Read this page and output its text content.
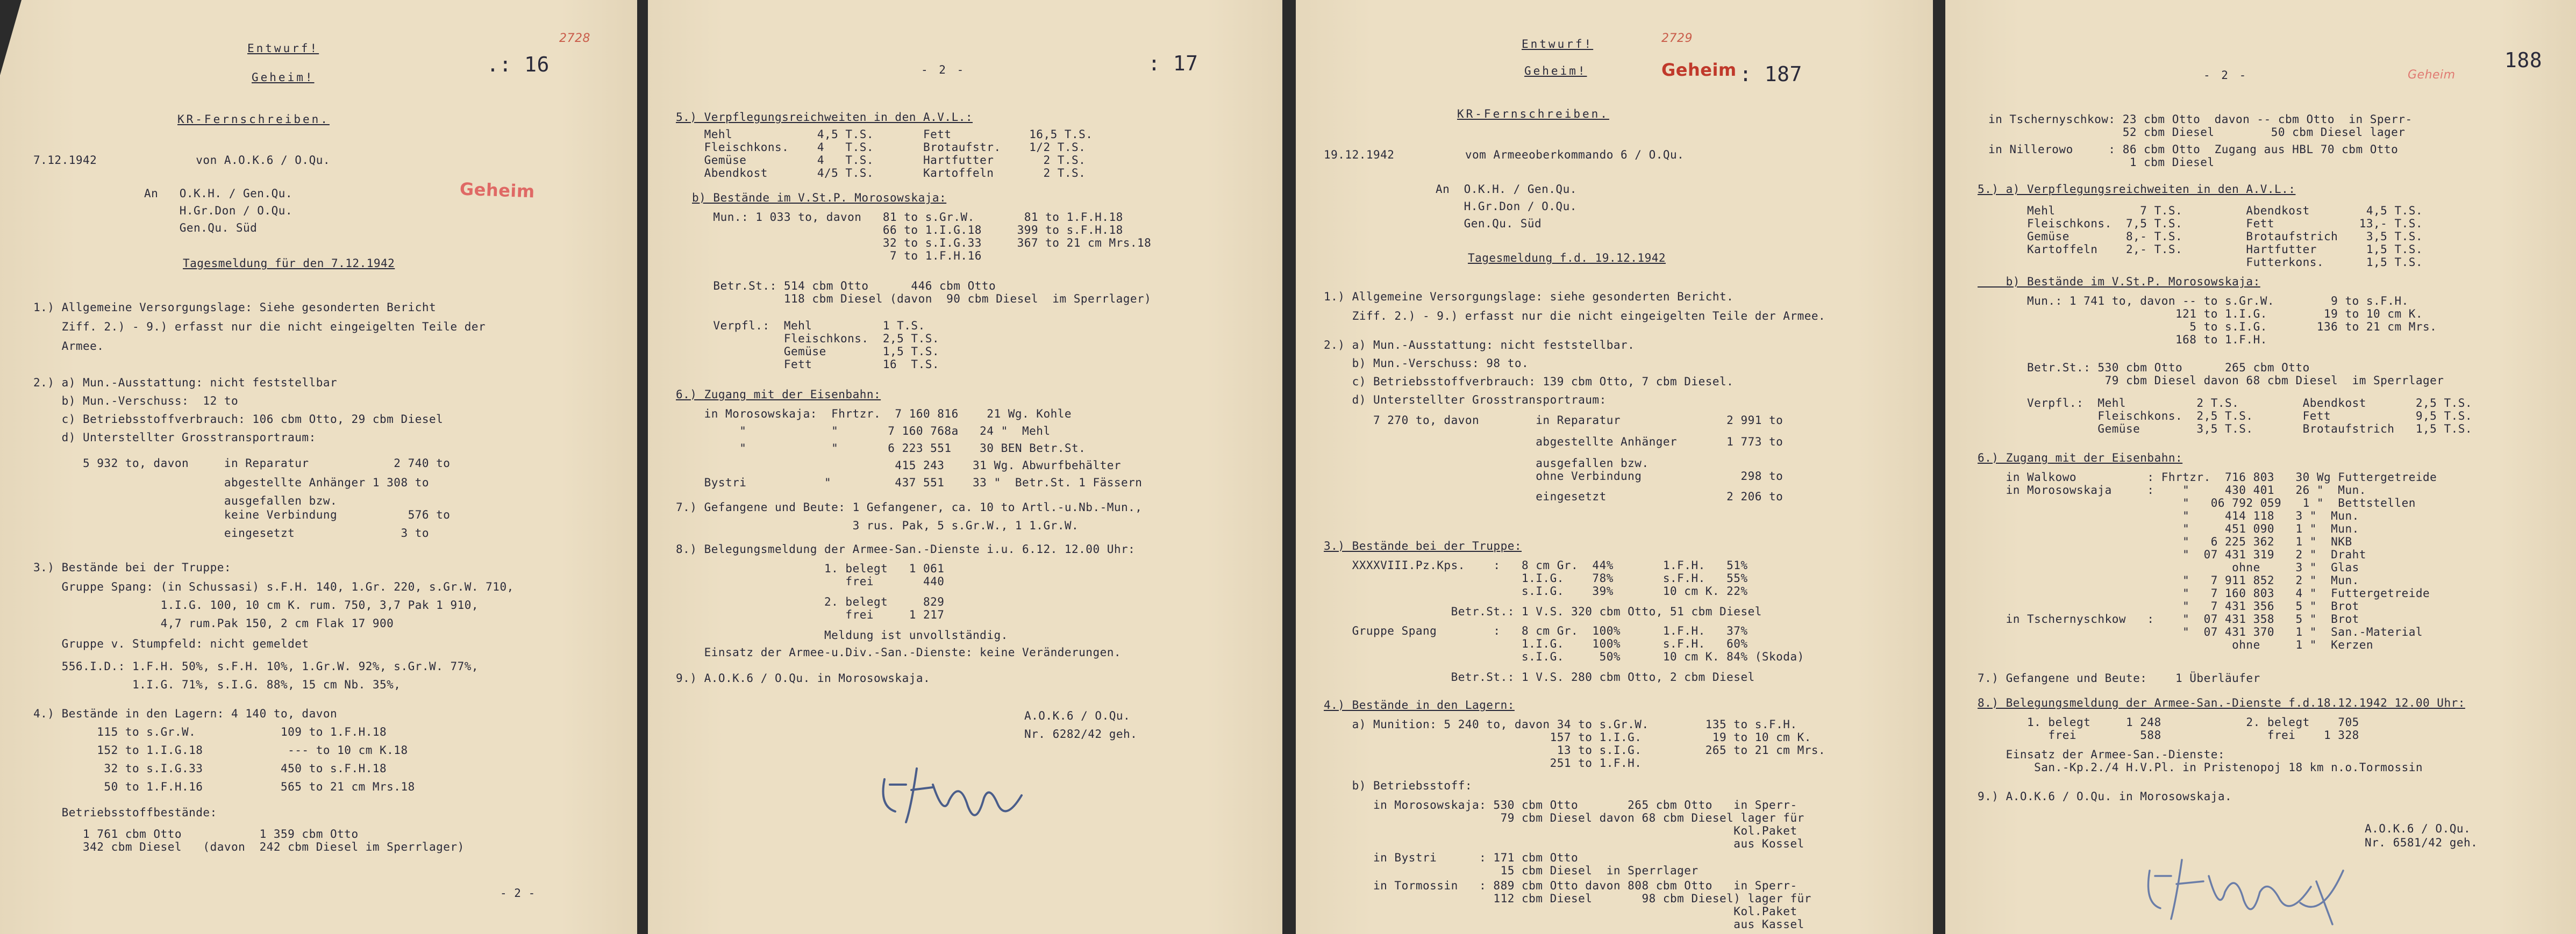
Entwurf!
Geheim!
2728
.: 16
KR-Fernschreiben.
7.12.1942              von A.O.K.6 / O.Qu.
An   O.K.H. / Gen.Qu.	Geheim
H.Gr.Don / O.Qu.
Gen.Qu. Süd
Tagesmeldung für den 7.12.1942
1.) Allgemeine Versorgungslage: Siehe gesonderten Bericht
Ziff. 2.) - 9.) erfasst nur die nicht eingeigelten Teile der
Armee.
2.) a) Mun.-Ausstattung: nicht feststellbar
b) Mun.-Verschuss:  12 to
c) Betriebsstoffverbrauch: 106 cbm Otto, 29 cbm Diesel
d) Unterstellter Grosstransportraum:
5 932 to, davon     in Reparatur            2 740 to
abgestellte Anhänger 1 308 to
ausgefallen bzw.
keine Verbindung          576 to
eingesetzt               3 to
3.) Bestände bei der Truppe:
Gruppe Spang: (in Schussasi) s.F.H. 140, 1.Gr. 220, s.Gr.W. 710,
1.I.G. 100, 10 cm K. rum. 750, 3,7 Pak 1 910,
4,7 rum.Pak 150, 2 cm Flak 17 900
Gruppe v. Stumpfeld: nicht gemeldet
556.I.D.: 1.F.H. 50%, s.F.H. 10%, 1.Gr.W. 92%, s.Gr.W. 77%,
1.I.G. 71%, s.I.G. 88%, 15 cm Nb. 35%,
4.) Bestände in den Lagern: 4 140 to, davon
115 to s.Gr.W.            109 to 1.F.H.18
152 to 1.I.G.18            --- to 10 cm K.18
32 to s.I.G.33           450 to s.F.H.18
50 to 1.F.H.16           565 to 21 cm Mrs.18
Betriebsstoffbestände:
1 761 cbm Otto           1 359 cbm Otto
342 cbm Diesel   (davon  242 cbm Diesel im Sperrlager)
- 2 -
- 2 -	: 17
5.) Verpflegungsreichweiten in den A.V.L.:
Mehl            4,5 T.S.       Fett           16,5 T.S.
Fleischkons.    4   T.S.       Brotaufstr.    1/2 T.S.
Gemüse          4   T.S.       Hartfutter       2 T.S.
Abendkost       4/5 T.S.       Kartoffeln       2 T.S.
b) Bestände im V.St.P. Morosowskaja:
Mun.: 1 033 to, davon   81 to s.Gr.W.       81 to 1.F.H.18
66 to 1.I.G.18     399 to s.F.H.18
32 to s.I.G.33     367 to 21 cm Mrs.18
7 to 1.F.H.16
Betr.St.: 514 cbm Otto      446 cbm Otto
118 cbm Diesel (davon  90 cbm Diesel  im Sperrlager)
Verpfl.:  Mehl          1 T.S.
Fleischkons.  2,5 T.S.
Gemüse        1,5 T.S.
Fett          16  T.S.
6.) Zugang mit der Eisenbahn:
in Morosowskaja:  Fhrtzr.  7 160 816    21 Wg. Kohle
"            "       7 160 768a   24 "  Mehl
"            "       6 223 551    30 BEN Betr.St.
415 243    31 Wg. Abwurfbehälter
Bystri           "         437 551    33 "  Betr.St. 1 Fässern
7.) Gefangene und Beute: 1 Gefangener, ca. 10 to Artl.-u.Nb.-Mun.,
3 rus. Pak, 5 s.Gr.W., 1 1.Gr.W.
8.) Belegungsmeldung der Armee-San.-Dienste i.u. 6.12. 12.00 Uhr:
1. belegt   1 061
frei       440
2. belegt     829
frei     1 217
Meldung ist unvollständig.
Einsatz der Armee-u.Div.-San.-Dienste: keine Veränderungen.
9.) A.O.K.6 / O.Qu. in Morosowskaja.
A.O.K.6 / O.Qu.
Nr. 6282/42 geh.
Entwurf!
Geheim!
2729
Geheim : 187
KR-Fernschreiben.
19.12.1942          vom Armeeoberkommando 6 / O.Qu.
An  O.K.H. / Gen.Qu.
H.Gr.Don / O.Qu.
Gen.Qu. Süd
Tagesmeldung f.d. 19.12.1942
1.) Allgemeine Versorgungslage: siehe gesonderten Bericht.
Ziff. 2.) - 9.) erfasst nur die nicht eingeigelten Teile der Armee.
2.) a) Mun.-Ausstattung: nicht feststellbar.
b) Mun.-Verschuss: 98 to.
c) Betriebsstoffverbrauch: 139 cbm Otto, 7 cbm Diesel.
d) Unterstellter Grosstransportraum:
7 270 to, davon        in Reparatur               2 991 to
abgestellte Anhänger       1 773 to
ausgefallen bzw.
ohne Verbindung              298 to
eingesetzt                 2 206 to
3.) Bestände bei der Truppe:
XXXXVIII.Pz.Kps.    :   8 cm Gr.  44%       1.F.H.   51%
1.I.G.    78%       s.F.H.   55%
s.I.G.    39%       10 cm K. 22%
Betr.St.: 1 V.S. 320 cbm Otto, 51 cbm Diesel
Gruppe Spang        :   8 cm Gr.  100%      1.F.H.   37%
1.I.G.    100%      s.F.H.   60%
s.I.G.     50%      10 cm K. 84% (Skoda)
Betr.St.: 1 V.S. 280 cbm Otto, 2 cbm Diesel
4.) Bestände in den Lagern:
a) Munition: 5 240 to, davon 34 to s.Gr.W.        135 to s.F.H.
157 to 1.I.G.          19 to 10 cm K.
13 to s.I.G.         265 to 21 cm Mrs.
251 to 1.F.H.
b) Betriebsstoff:
in Morosowskaja: 530 cbm Otto       265 cbm Otto   in Sperr-
79 cbm Diesel davon 68 cbm Diesel lager für
Kol.Paket
aus Kossel
in Bystri      : 171 cbm Otto
15 cbm Diesel  in Sperrlager
in Tormossin   : 889 cbm Otto davon 808 cbm Otto   in Sperr-
112 cbm Diesel       98 cbm Diesel) lager für
Kol.Paket
aus Kassel
- 2 -	Geheim
188
in Tschernyschkow: 23 cbm Otto  davon -- cbm Otto  in Sperr-
52 cbm Diesel        50 cbm Diesel lager
in Nillerowo     : 86 cbm Otto  Zugang aus HBL 70 cbm Otto
1 cbm Diesel
5.) a) Verpflegungsreichweiten in den A.V.L.:
Mehl            7 T.S.         Abendkost        4,5 T.S.
Fleischkons.  7,5 T.S.         Fett            13,- T.S.
Gemüse        8,- T.S.         Brotaufstrich    3,5 T.S.
Kartoffeln    2,- T.S.         Hartfutter       1,5 T.S.
Futterkons.      1,5 T.S.
b) Bestände im V.St.P. Morosowskaja:
Mun.: 1 741 to, davon -- to s.Gr.W.        9 to s.F.H.
121 to 1.I.G.        19 to 10 cm K.
5 to s.I.G.       136 to 21 cm Mrs.
168 to 1.F.H.
Betr.St.: 530 cbm Otto      265 cbm Otto
79 cbm Diesel davon 68 cbm Diesel  im Sperrlager
Verpfl.:  Mehl          2 T.S.         Abendkost       2,5 T.S.
Fleischkons.  2,5 T.S.       Fett            9,5 T.S.
Gemüse        3,5 T.S.       Brotaufstrich   1,5 T.S.
6.) Zugang mit der Eisenbahn:
in Walkowo          : Fhrtzr.  716 803   30 Wg Futtergetreide
in Morosowskaja     :    "     430 401   26 "  Mun.
"   06 792 059   1 "  Bettstellen
"     414 118   3 "  Mun.
"     451 090   1 "  Mun.
"   6 225 362   1 "  NKB
"  07 431 319   2 "  Draht
ohne     3 "  Glas
"   7 911 852   2 "  Mun.
"   7 160 803   4 "  Futtergetreide
"   7 431 356   5 "  Brot
in Tschernyschkow   :    "  07 431 358   5 "  Brot
"  07 431 370   1 "  San.-Material
ohne     1 "  Kerzen
7.) Gefangene und Beute:    1 Überläufer
8.) Belegungsmeldung der Armee-San.-Dienste f.d.18.12.1942 12.00 Uhr:
1. belegt     1 248            2. belegt    705
frei         588               frei    1 328
Einsatz der Armee-San.-Dienste:
San.-Kp.2./4 H.V.Pl. in Pristenopoj 18 km n.o.Tormossin
9.) A.O.K.6 / O.Qu. in Morosowskaja.
A.O.K.6 / O.Qu.
Nr. 6581/42 geh.
